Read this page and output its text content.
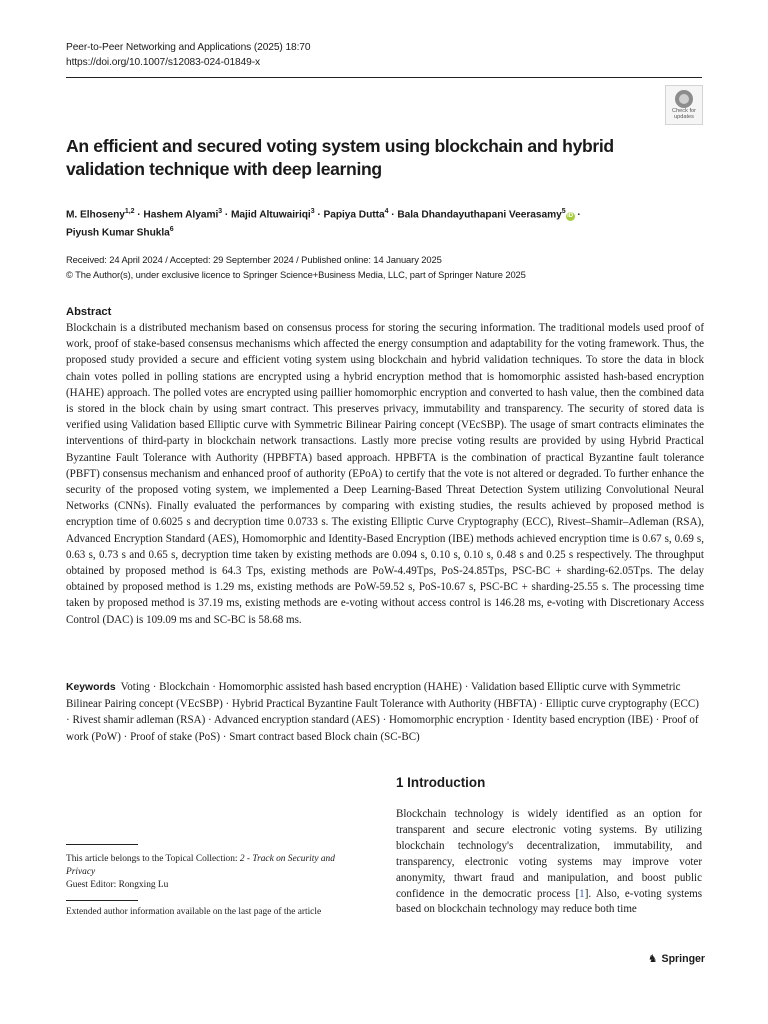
Peer-to-Peer Networking and Applications (2025) 18:70
https://doi.org/10.1007/s12083-024-01849-x
Check for
updates
An efficient and secured voting system using blockchain and hybrid validation technique with deep learning
M. Elhoseny$^{1,2}$ · Hashem Alyami$^3$ · Majid Altuwairiqi$^3$ · Papiya Dutta$^4$ · Bala Dhandayuthapani Veerasamy$^5$iD ·
Piyush Kumar Shukla$^6$
Received: 24 April 2024 / Accepted: 29 September 2024 / Published online: 14 January 2025
© The Author(s), under exclusive licence to Springer Science+Business Media, LLC, part of Springer Nature 2025
Abstract

Blockchain is a distributed mechanism based on consensus process for storing the securing information. The traditional models used proof of work, proof of stake-based consensus mechanisms which affected the energy consumption and adaptability for the voting framework. Thus, the proposed study provided a secure and efficient voting system using blockchain and hybrid validation techniques. To store the data in block chain votes polled in polling stations are encrypted using a hybrid encryption method that is homomorphic assisted hash-based encryption (HAHE) approach. The polled votes are encrypted using paillier homomorphic encryption and converted to hash value, then the combined data is stored in the block chain by using smart contract. This preserves privacy, immutability and transparency. The security of stored data is verified using Validation based Elliptic curve with Symmetric Bilinear Pairing concept (VEcSBP). The usage of smart contracts eliminates the interventions of third-party in blockchain network transactions. Lastly more precise voting results are provided by using Hybrid Practical Byzantine Fault Tolerance with Authority (HPBFTA) based approach. HPBFTA is the combination of practical Byzantine fault tolerance (PBFT) consensus mechanism and enhanced proof of authority (EPoA) to certify that the vote is not altered or degraded. To further enhance the security of the proposed voting system, we implemented a Deep Learning-Based Threat Detection System utilizing Convolutional Neural Networks (CNNs). Finally evaluated the performances by comparing with existing studies, the results achieved by proposed method is encryption time of 0.6025 s and decryption time 0.0733 s. The existing Elliptic Curve Cryptography (ECC), Rivest–Shamir–Adleman (RSA), Advanced Encryption Standard (AES), Homomorphic and Identity-Based Encryption (IBE) methods achieved encryption time is 0.67 s, 0.69 s, 0.63 s, 0.73 s and 0.65 s, decryption time taken by existing methods are 0.094 s, 0.10 s, 0.10 s, 0.48 s and 0.25 s respectively. The throughput obtained by proposed method is 64.3 Tps, existing methods are PoW-4.49Tps, PoS-24.85Tps, PSC-BC + sharding-62.05Tps. The delay obtained by proposed method is 1.29 ms, existing methods are PoW-59.52 s, PoS-10.67 s, PSC-BC + sharding-25.55 s. The processing time taken by proposed method is 37.19 ms, existing methods are e-voting without access control is 146.28 ms, e-voting with Discretionary Access Control (DAC) is 109.09 ms and SC-BC is 58.68 ms.

Keywords Voting · Blockchain · Homomorphic assisted hash based encryption (HAHE) · Validation based Elliptic curve with Symmetric Bilinear Pairing concept (VEcSBP) · Hybrid Practical Byzantine Fault Tolerance with Authority (HBFTA) · Elliptic curve cryptography (ECC) · Rivest shamir adleman (RSA) · Advanced encryption standard (AES) · Homomorphic encryption · Identity based encryption (IBE) · Proof of work (PoW) · Proof of stake (PoS) · Smart contract based Block chain (SC-BC)

1 Introduction

Blockchain technology is widely identified as an option for transparent and secure electronic voting systems. By utilizing blockchain technology's decentralization, immutability, and transparency, electronic voting systems may improve voter anonymity, thwart fraud and manipulation, and boost public confidence in the democratic process [1]. Also, e-voting systems based on blockchain technology may reduce both time

This article belongs to the Topical Collection: 2 - Track on Security and Privacy
Guest Editor: Rongxing Lu

Extended author information available on the last page of the article

♞ Springer
